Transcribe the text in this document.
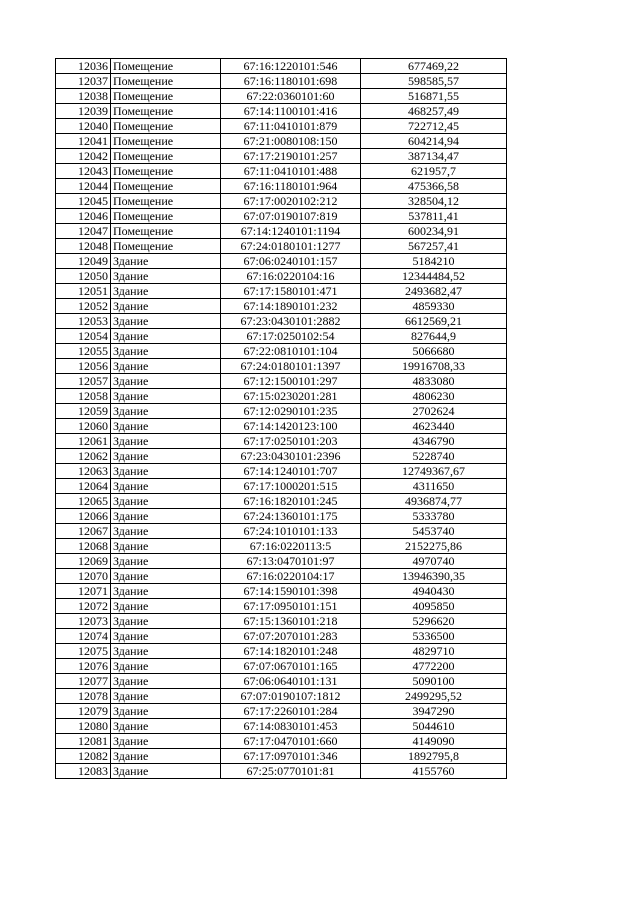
12036	Помещение	67:16:1220101:546	677469,22
12037	Помещение	67:16:1180101:698	598585,57
12038	Помещение	67:22:0360101:60	516871,55
12039	Помещение	67:14:1100101:416	468257,49
12040	Помещение	67:11:0410101:879	722712,45
12041	Помещение	67:21:0080108:150	604214,94
12042	Помещение	67:17:2190101:257	387134,47
12043	Помещение	67:11:0410101:488	621957,7
12044	Помещение	67:16:1180101:964	475366,58
12045	Помещение	67:17:0020102:212	328504,12
12046	Помещение	67:07:0190107:819	537811,41
12047	Помещение	67:14:1240101:1194	600234,91
12048	Помещение	67:24:0180101:1277	567257,41
12049	Здание	67:06:0240101:157	5184210
12050	Здание	67:16:0220104:16	12344484,52
12051	Здание	67:17:1580101:471	2493682,47
12052	Здание	67:14:1890101:232	4859330
12053	Здание	67:23:0430101:2882	6612569,21
12054	Здание	67:17:0250102:54	827644,9
12055	Здание	67:22:0810101:104	5066680
12056	Здание	67:24:0180101:1397	19916708,33
12057	Здание	67:12:1500101:297	4833080
12058	Здание	67:15:0230201:281	4806230
12059	Здание	67:12:0290101:235	2702624
12060	Здание	67:14:1420123:100	4623440
12061	Здание	67:17:0250101:203	4346790
12062	Здание	67:23:0430101:2396	5228740
12063	Здание	67:14:1240101:707	12749367,67
12064	Здание	67:17:1000201:515	4311650
12065	Здание	67:16:1820101:245	4936874,77
12066	Здание	67:24:1360101:175	5333780
12067	Здание	67:24:1010101:133	5453740
12068	Здание	67:16:0220113:5	2152275,86
12069	Здание	67:13:0470101:97	4970740
12070	Здание	67:16:0220104:17	13946390,35
12071	Здание	67:14:1590101:398	4940430
12072	Здание	67:17:0950101:151	4095850
12073	Здание	67:15:1360101:218	5296620
12074	Здание	67:07:2070101:283	5336500
12075	Здание	67:14:1820101:248	4829710
12076	Здание	67:07:0670101:165	4772200
12077	Здание	67:06:0640101:131	5090100
12078	Здание	67:07:0190107:1812	2499295,52
12079	Здание	67:17:2260101:284	3947290
12080	Здание	67:14:0830101:453	5044610
12081	Здание	67:17:0470101:660	4149090
12082	Здание	67:17:0970101:346	1892795,8
12083	Здание	67:25:0770101:81	4155760
